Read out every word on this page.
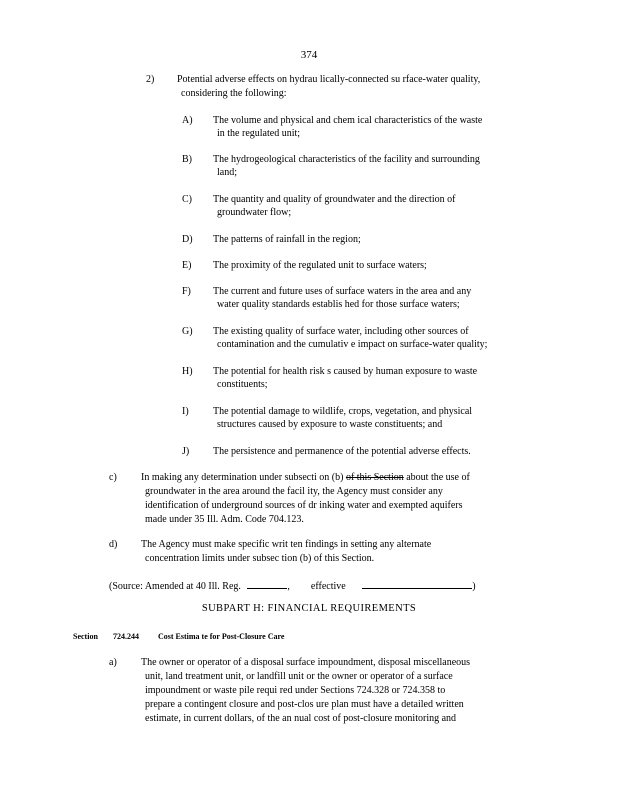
374
2) Potential adverse effects on hydrau lically-connected su rface-water quality,
considering the following:
A) The volume and physical and chem ical characteristics of the waste
in the regulated unit;
B) The hydrogeological characteristics of the facility and surrounding
land;
C) The quantity and quality of groundwater and the direction of
groundwater flow;
D) The patterns of rainfall in the region;
E) The proximity of the regulated unit to surface waters;
F) The current and future uses of surface waters in the area and any
water quality standards establis hed for those surface waters;
G) The existing quality of surface water, including other sources of
contamination and the cumulativ e impact on surface-water quality;
H) The potential for health risk s caused by human exposure to waste
constituents;
I) The potential damage to wildlife, crops, vegetation, and physical
structures caused by exposure to waste constituents; and
J) The persistence and permanence of the potential adverse effects.
c) In making any determination under subsecti on (b) of this Section about the use of
groundwater in the area around the facil ity, the Agency must consider any
identification of underground sources of dr inking water and exempted aquifers
made under 35 Ill. Adm. Code 704.123.
d) The Agency must make specific writ ten findings in setting any alternate
concentration limits under subsec tion (b) of this Section.
(Source: Amended at 40 Ill. Reg.	, effective	)
SUBPART H: FINANCIAL REQUIREMENTS
Section 724.244 Cost Estima te for Post-Closure Care
a) The owner or operator of a disposal surface impoundment, disposal miscellaneous
unit, land treatment unit, or landfill unit or the owner or operator of a surface
impoundment or waste pile requi red under Sections 724.328 or 724.358 to
prepare a contingent closure and post-clos ure plan must have a detailed written
estimate, in current dollars, of the an nual cost of post-closure monitoring and
